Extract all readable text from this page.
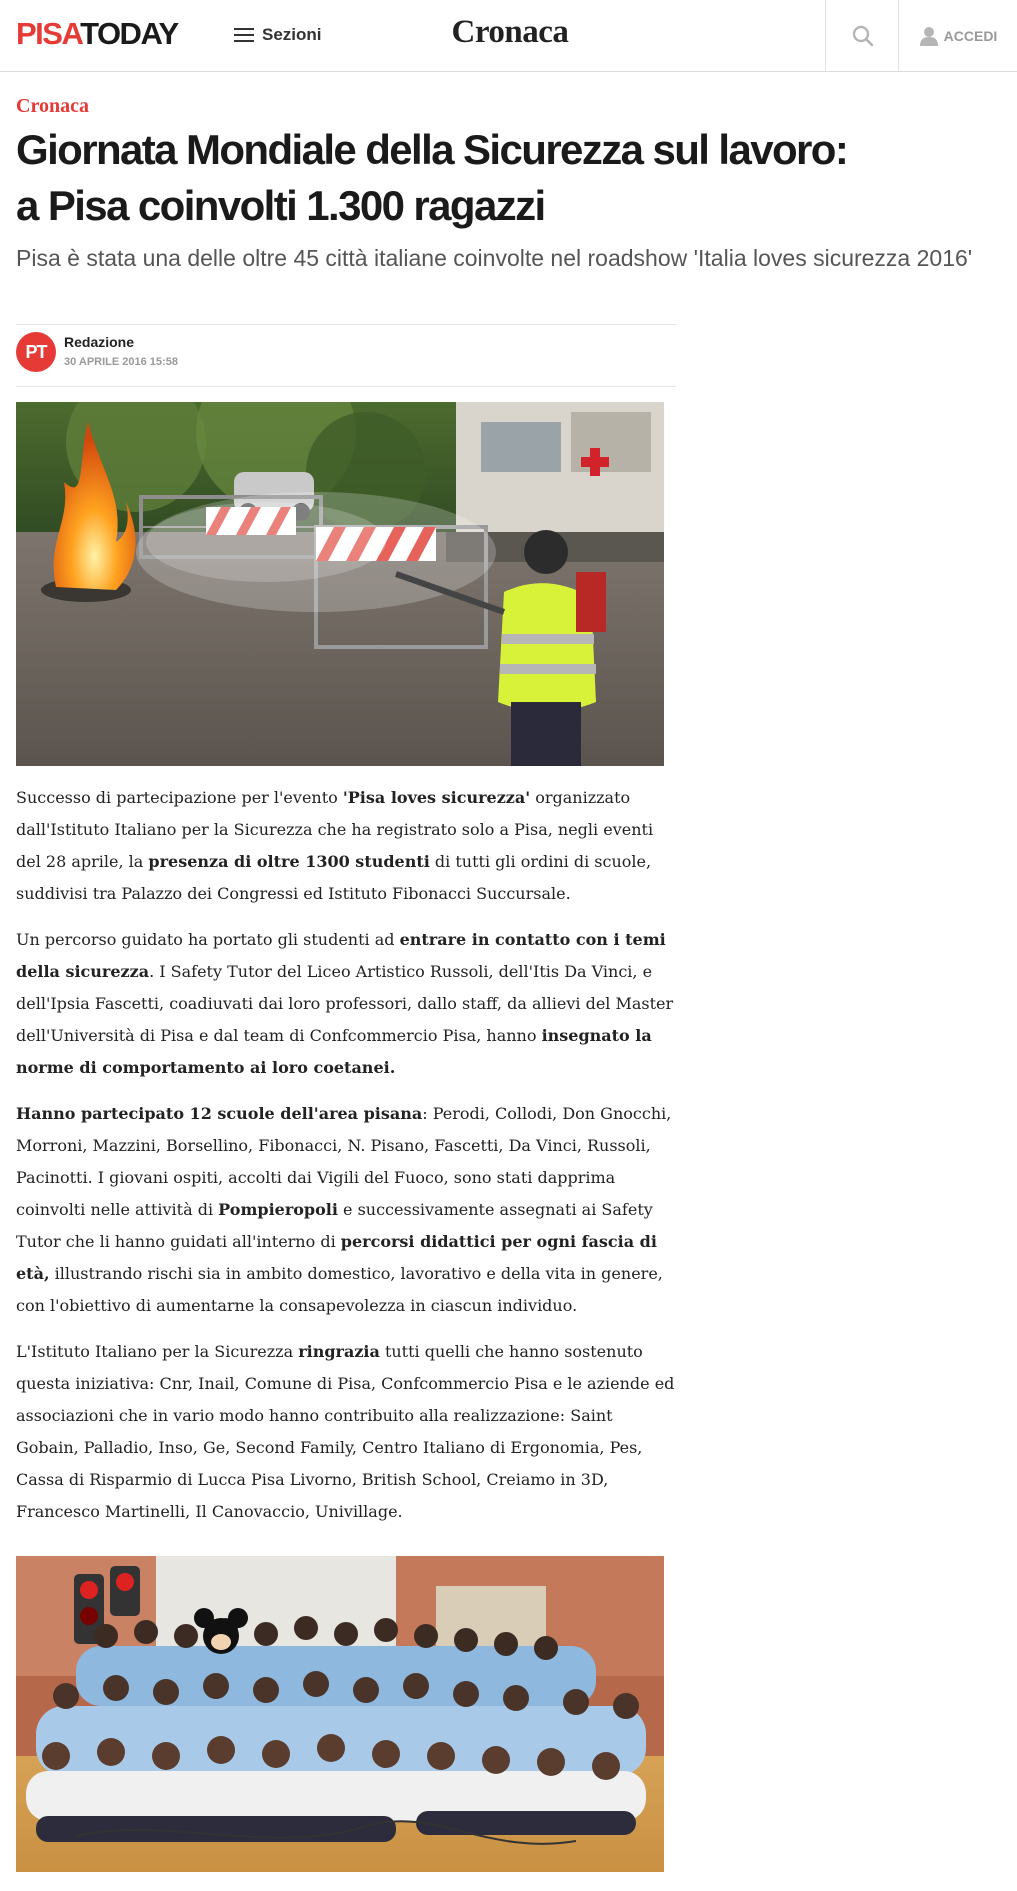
PISATODAY	Sezioni	Cronaca	ACCEDI
Cronaca
Giornata Mondiale della Sicurezza sul lavoro:
a Pisa coinvolti 1.300 ragazzi

Pisa è stata una delle oltre 45 città italiane coinvolte nel roadshow 'Italia loves sicurezza 2016'

PT	Redazione
30 APRILE 2016 15:58

Successo di partecipazione per l'evento 'Pisa loves sicurezza' organizzato dall'Istituto Italiano per la Sicurezza che ha registrato solo a Pisa, negli eventi del 28 aprile, la presenza di oltre 1300 studenti di tutti gli ordini di scuole, suddivisi tra Palazzo dei Congressi ed Istituto Fibonacci Succursale.

Un percorso guidato ha portato gli studenti ad entrare in contatto con i temi della sicurezza. I Safety Tutor del Liceo Artistico Russoli, dell'Itis Da Vinci, e dell'Ipsia Fascetti, coadiuvati dai loro professori, dallo staff, da allievi del Master dell'Università di Pisa e dal team di Confcommercio Pisa, hanno insegnato la norme di comportamento ai loro coetanei.

Hanno partecipato 12 scuole dell'area pisana: Perodi, Collodi, Don Gnocchi, Morroni, Mazzini, Borsellino, Fibonacci, N. Pisano, Fascetti, Da Vinci, Russoli, Pacinotti. I giovani ospiti, accolti dai Vigili del Fuoco, sono stati dapprima coinvolti nelle attività di Pompieropoli e successivamente assegnati ai Safety Tutor che li hanno guidati all'interno di percorsi didattici per ogni fascia di età, illustrando rischi sia in ambito domestico, lavorativo e della vita in genere, con l'obiettivo di aumentarne la consapevolezza in ciascun individuo.

L'Istituto Italiano per la Sicurezza ringrazia tutti quelli che hanno sostenuto questa iniziativa: Cnr, Inail, Comune di Pisa, Confcommercio Pisa e le aziende ed associazioni che in vario modo hanno contribuito alla realizzazione: Saint Gobain, Palladio, Inso, Ge, Second Family, Centro Italiano di Ergonomia, Pes, Cassa di Risparmio di Lucca Pisa Livorno, British School, Creiamo in 3D, Francesco Martinelli, Il Canovaccio, Univillage.
